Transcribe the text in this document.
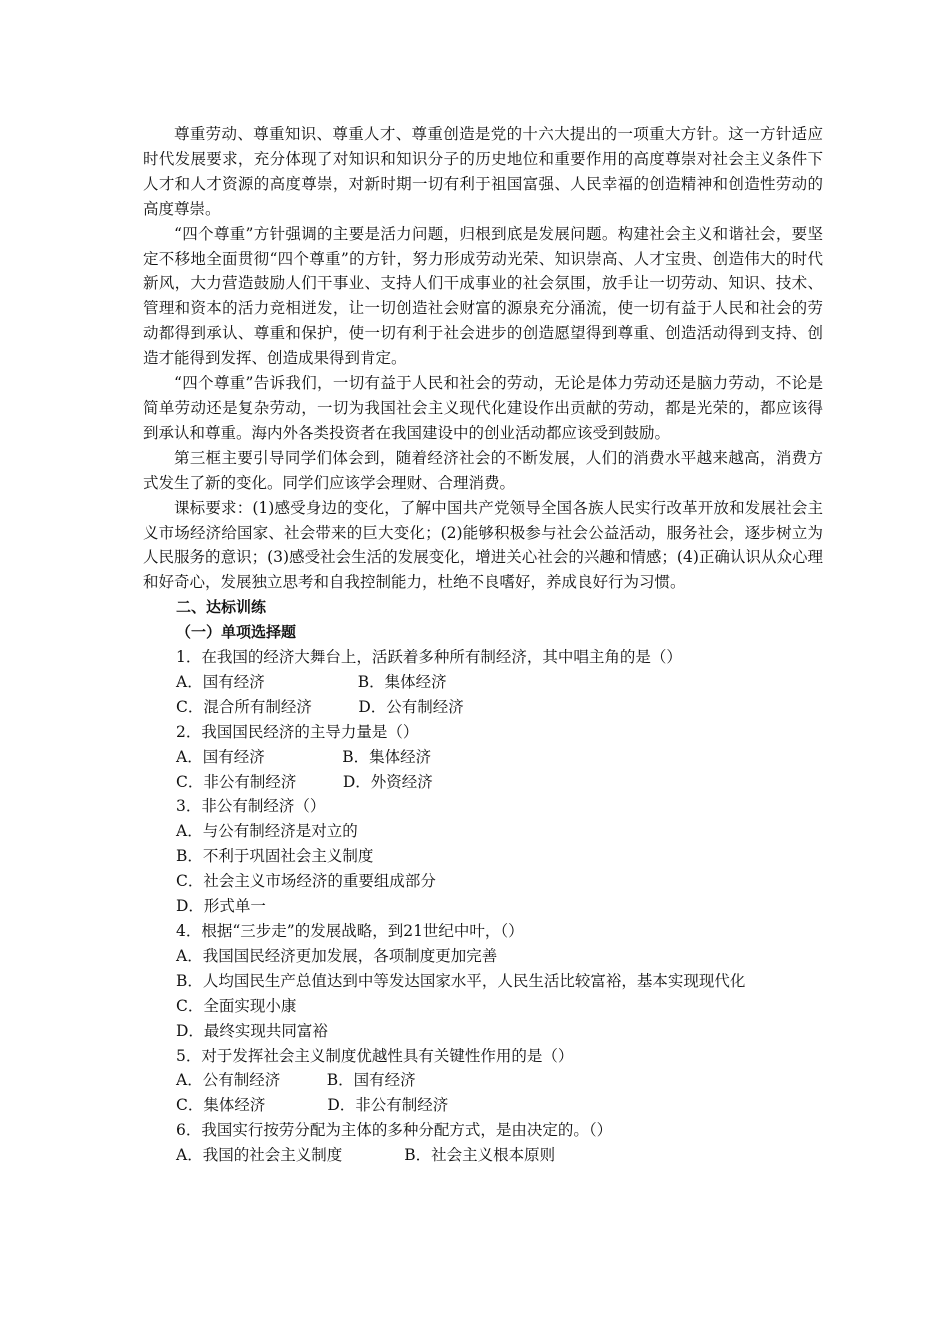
尊重劳动、尊重知识、尊重人才、尊重创造是党的十六大提出的一项重大方针。这一方针适应时代发展要求，充分体现了对知识和知识分子的历史地位和重要作用的高度尊崇对社会主义条件下人才和人才资源的高度尊崇，对新时期一切有利于祖国富强、人民幸福的创造精神和创造性劳动的高度尊崇。

“四个尊重”方针强调的主要是活力问题，归根到底是发展问题。构建社会主义和谐社会，要坚定不移地全面贯彻“四个尊重”的方针，努力形成劳动光荣、知识崇高、人才宝贵、创造伟大的时代新风，大力营造鼓励人们干事业、支持人们干成事业的社会氛围，放手让一切劳动、知识、技术、管理和资本的活力竞相迸发，让一切创造社会财富的源泉充分涌流，使一切有益于人民和社会的劳动都得到承认、尊重和保护，使一切有利于社会进步的创造愿望得到尊重、创造活动得到支持、创造才能得到发挥、创造成果得到肯定。

“四个尊重”告诉我们，一切有益于人民和社会的劳动，无论是体力劳动还是脑力劳动，不论是简单劳动还是复杂劳动，一切为我国社会主义现代化建设作出贡献的劳动，都是光荣的，都应该得到承认和尊重。海内外各类投资者在我国建设中的创业活动都应该受到鼓励。

第三框主要引导同学们体会到，随着经济社会的不断发展，人们的消费水平越来越高，消费方式发生了新的变化。同学们应该学会理财、合理消费。

课标要求：(1)感受身边的变化，了解中国共产党领导全国各族人民实行改革开放和发展社会主义市场经济给国家、社会带来的巨大变化；(2)能够积极参与社会公益活动，服务社会，逐步树立为人民服务的意识；(3)感受社会生活的发展变化，增进关心社会的兴趣和情感；(4)正确认识从众心理和好奇心，发展独立思考和自我控制能力，杜绝不良嗜好，养成良好行为习惯。

二、达标训练

（一）单项选择题

1．在我国的经济大舞台上，活跃着多种所有制经济，其中唱主角的是（）

A．国有经济　　　　　　B．集体经济

C．混合所有制经济　　　D．公有制经济

2．我国国民经济的主导力量是（）

A．国有经济　　　　　B．集体经济

C．非公有制经济　　　D．外资经济

3．非公有制经济（）

A．与公有制经济是对立的

B．不利于巩固社会主义制度

C．社会主义市场经济的重要组成部分

D．形式单一

4．根据“三步走”的发展战略，到21世纪中叶，（）

A．我国国民经济更加发展，各项制度更加完善

B．人均国民生产总值达到中等发达国家水平，人民生活比较富裕，基本实现现代化

C．全面实现小康

D．最终实现共同富裕

5．对于发挥社会主义制度优越性具有关键性作用的是（）

A．公有制经济　　　B．国有经济

C．集体经济　　　　D．非公有制经济

6．我国实行按劳分配为主体的多种分配方式，是由决定的。（）

A．我国的社会主义制度　　　　B．社会主义根本原则
